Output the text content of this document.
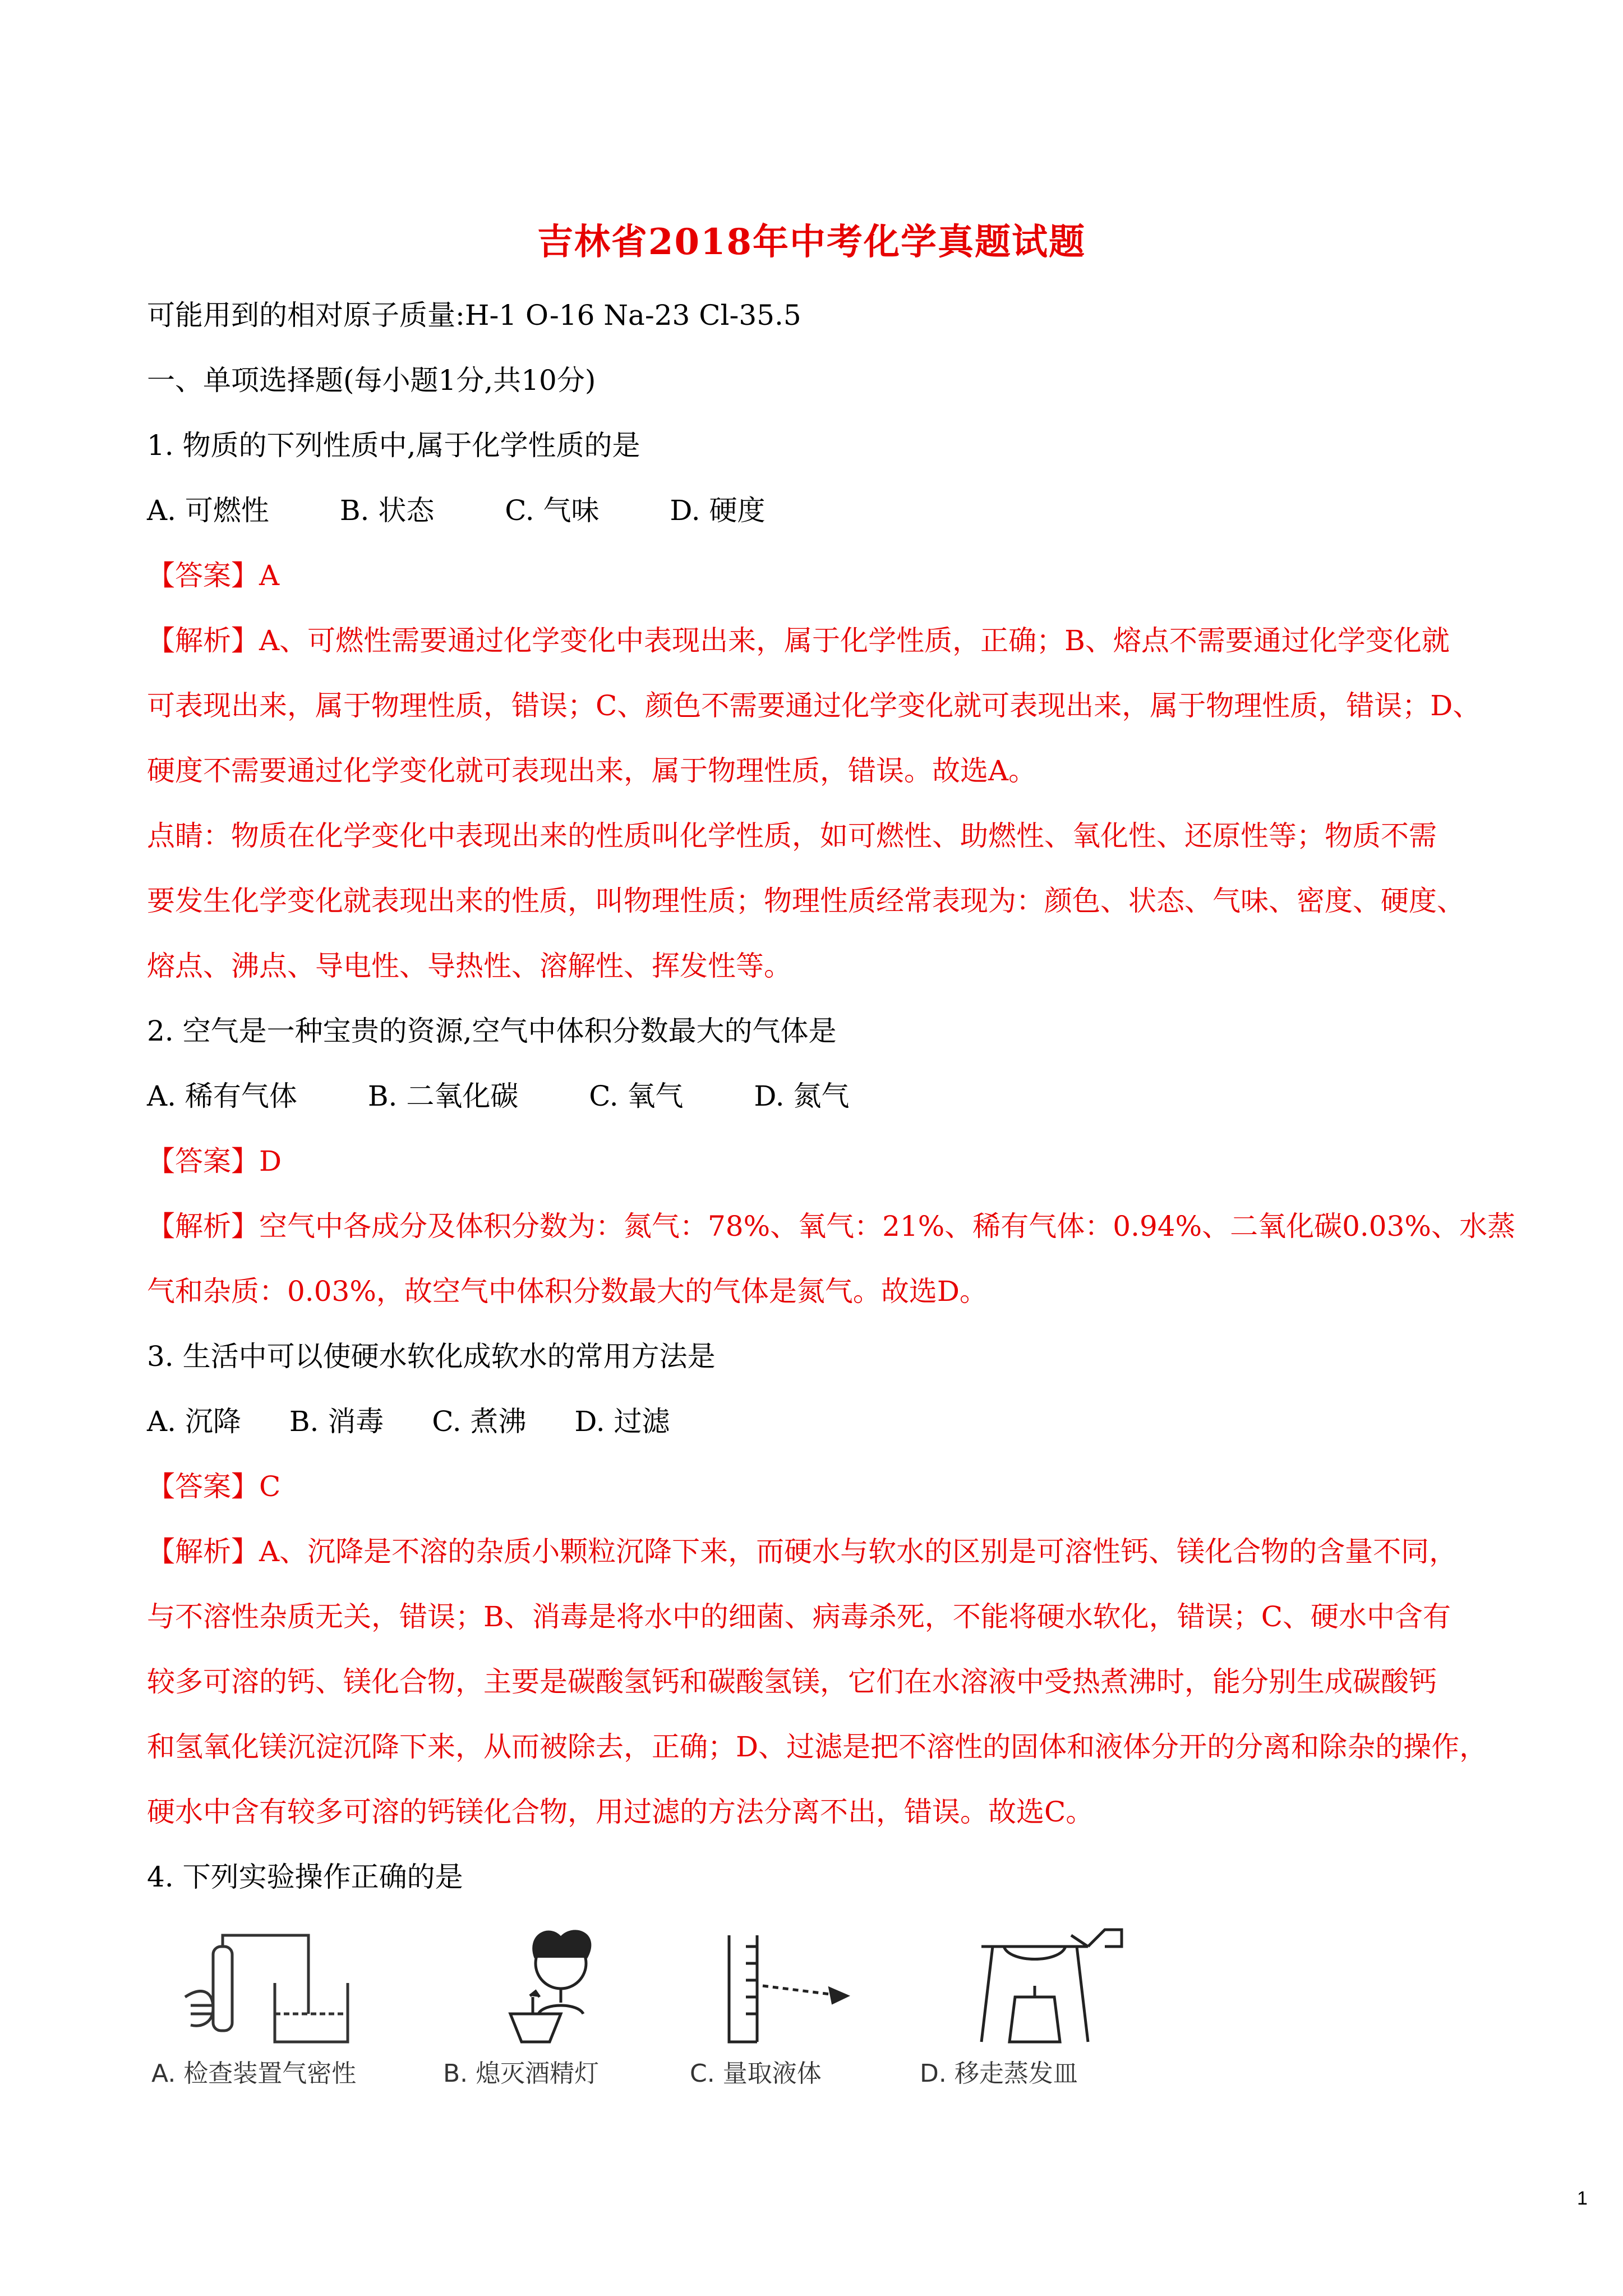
吉林省2018年中考化学真题试题
可能用到的相对原子质量:H-1 O-16 Na-23 Cl-35.5
一、单项选择题(每小题1分,共10分)
1. 物质的下列性质中,属于化学性质的是
A. 可燃性	B. 状态	C. 气味	D. 硬度
【答案】A
【解析】A、可燃性需要通过化学变化中表现出来，属于化学性质，正确；B、熔点不需要通过化学变化就
可表现出来，属于物理性质，错误；C、颜色不需要通过化学变化就可表现出来，属于物理性质，错误；D、
硬度不需要通过化学变化就可表现出来，属于物理性质，错误。故选A。
点睛：物质在化学变化中表现出来的性质叫化学性质，如可燃性、助燃性、氧化性、还原性等；物质不需
要发生化学变化就表现出来的性质，叫物理性质；物理性质经常表现为：颜色、状态、气味、密度、硬度、
熔点、沸点、导电性、导热性、溶解性、挥发性等。
2. 空气是一种宝贵的资源,空气中体积分数最大的气体是
A. 稀有气体	B. 二氧化碳	C. 氧气	D. 氮气
【答案】D
【解析】空气中各成分及体积分数为：氮气：78%、氧气：21%、稀有气体：0.94%、二氧化碳0.03%、水蒸
气和杂质：0.03%，故空气中体积分数最大的气体是氮气。故选D。
3. 生活中可以使硬水软化成软水的常用方法是
A. 沉降 B. 消毒 C. 煮沸 D. 过滤
【答案】C
【解析】A、沉降是不溶的杂质小颗粒沉降下来，而硬水与软水的区别是可溶性钙、镁化合物的含量不同，
与不溶性杂质无关，错误；B、消毒是将水中的细菌、病毒杀死，不能将硬水软化，错误；C、硬水中含有
较多可溶的钙、镁化合物，主要是碳酸氢钙和碳酸氢镁，它们在水溶液中受热煮沸时，能分别生成碳酸钙
和氢氧化镁沉淀沉降下来，从而被除去，正确；D、过滤是把不溶性的固体和液体分开的分离和除杂的操作，
硬水中含有较多可溶的钙镁化合物，用过滤的方法分离不出，错误。故选C。
4. 下列实验操作正确的是
A. 检查装置气密性	B. 熄灭酒精灯	C. 量取液体	D. 移走蒸发皿
1
